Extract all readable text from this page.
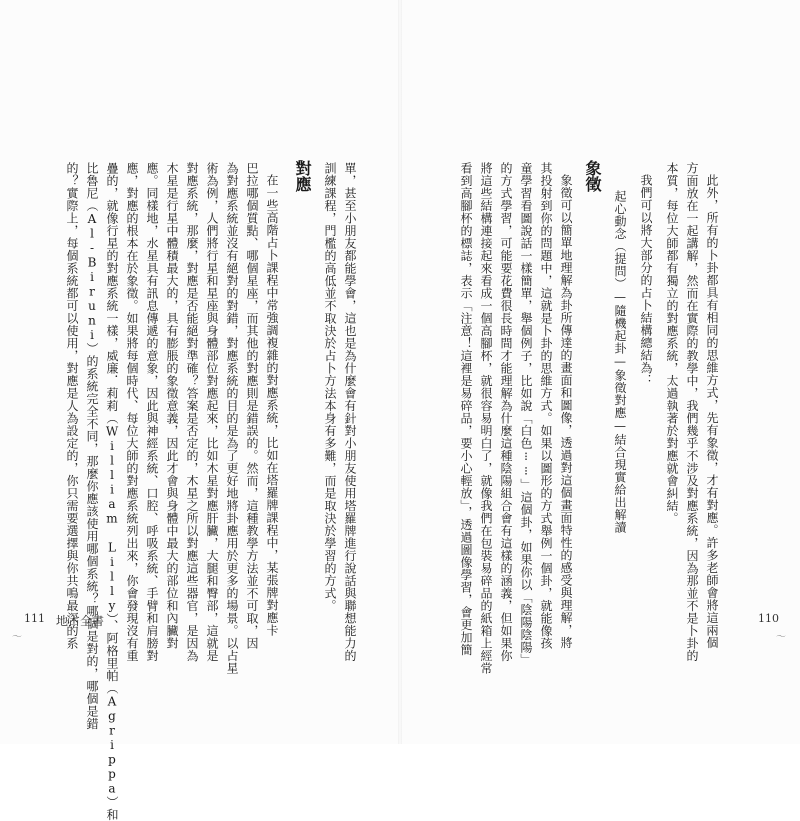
此外，所有的卜卦都具有相同的思維方式，先有象徵，才有對應。許多老師會將這兩個
方面放在一起講解，然而在實際的教學中，我們幾乎不涉及對應系統，因為那並不是卜卦的
本質，每位大師都有獨立的對應系統，太過執著於對應就會糾結。
我們可以將大部分的占卜結構總結為：
起心動念（提問）—隨機起卦—象徵對應—結合現實給出解讀
象徵
象徵可以簡單地理解為卦所傳達的畫面和圖像，透過對這個畫面特性的感受與理解，將
其投射到你的問題中，這就是卜卦的思維方式。如果以圖形的方式舉例一個卦，就能像孩
童學習看圖說話一樣簡單，舉個例子，比如說「白色⁝⁝」這個卦，如果你以「陰陽陰陽」
的方式學習，可能要花費很長時間才能理解為什麼這種陰陽組合會有這樣的涵義，但如果你
將這些結構連接起來看成一個高腳杯，就很容易明白了，就像我們在包裝易碎品的紙箱上經常
看到高腳杯的標誌，表示「注意！這裡是易碎品，要小心輕放」，透過圖像學習，會更加簡
單，甚至小朋友都能學會，這也是為什麼會有針對小朋友使用塔羅牌進行說話與聯想能力的
訓練課程，門檻的高低並不取決於占卜方法本身有多難，而是取決於學習的方式。
對應
在一些高階占卜課程中常強調複雜的對應系統，比如在塔羅牌課程中，某張牌對應卡
巴拉哪個質點、哪個星座，而其他的對應則是錯誤的。然而，這種教學方法並不可取，因
為對應系統並沒有絕對的對錯，對應系統的目的是為了更好地將卦應用於更多的場景。以占星
術為例，人們將行星和星座與身體部位對應起來，比如木星對應肝臟，大腿和臀部，這就是
對應系統，那麼，對應是否能絕對準確？答案是否定的，木星之所以對應這些器官，是因為
木星是行星中體積最大的，具有膨脹的象徵意義，因此才會與身體中最大的部位和內臟對
應。同樣地，水星具有訊息傳遞的意象，因此與神經系統、口腔、呼吸系統、手臂和肩膀對
應，對應的根本在於象徵。如果將每個時代、每位大師的對應系統列出來，你會發現沒有重
疊的，就像行星的對應系統一樣，威廉．莉莉（William Lilly）、阿格里帕（Agrippa）和
比魯尼（Al-Biruni）的系統完全不同，那麼你應該使用哪個系統？哪個是對的，哪個是錯
的？實際上，每個系統都可以使用，對應是人為設定的，你只需要選擇與你共鳴最深的系
111 地占全書
〜
110
〜
